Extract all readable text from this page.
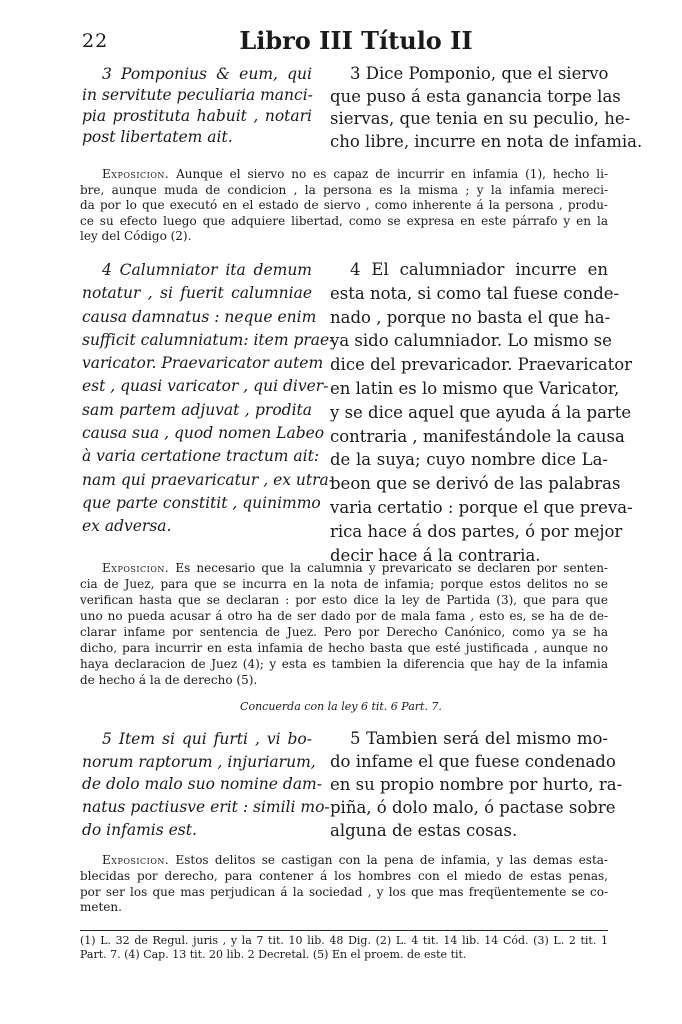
22	Libro III Título II
3 Pomponius & eum, qui
in servitute peculiaria manci-
pia prostituta habuit , notari
post libertatem ait.
3 Dice Pomponio, que el siervo
que puso á esta ganancia torpe las
siervas, que tenia en su peculio, he-
cho libre, incurre en nota de infamia.
Exposicion. Aunque el siervo no es capaz de incurrir en infamia (1), hecho li-
bre, aunque muda de condicion , la persona es la misma ; y la infamia mereci-
da por lo que executó en el estado de siervo , como inherente á la persona , produ-
ce su efecto luego que adquiere libertad, como se expresa en este párrafo y en la
ley del Código (2).
4 Calumniator ita demum
notatur , si fuerit calumniae
causa damnatus : neque enim
sufficit calumniatum: item prae-
varicator. Praevaricator autem
est , quasi varicator , qui diver-
sam partem adjuvat , prodita
causa sua , quod nomen Labeo
à varia certatione tractum ait:
nam qui praevaricatur , ex utra-
que parte constitit , quinimmo
ex adversa.
4 El calumniador incurre en
esta nota, si como tal fuese conde-
nado , porque no basta el que ha-
ya sido calumniador. Lo mismo se
dice del prevaricador. Praevaricator
en latin es lo mismo que Varicator,
y se dice aquel que ayuda á la parte
contraria , manifestándole la causa
de la suya; cuyo nombre dice La-
beon que se derivó de las palabras
varia certatio : porque el que preva-
rica hace á dos partes, ó por mejor
decir hace á la contraria.
Exposicion. Es necesario que la calumnia y prevaricato se declaren por senten-
cia de Juez, para que se incurra en la nota de infamia; porque estos delitos no se
verifican hasta que se declaran : por esto dice la ley de Partida (3), que para que
uno no pueda acusar á otro ha de ser dado por de mala fama , esto es, se ha de de-
clarar infame por sentencia de Juez. Pero por Derecho Canónico, como ya se ha
dicho, para incurrir en esta infamia de hecho basta que esté justificada , aunque no
haya declaracion de Juez (4); y esta es tambien la diferencia que hay de la infamia
de hecho á la de derecho (5).
Concuerda con la ley 6 tit. 6 Part. 7.
5 Item si qui furti , vi bo-
norum raptorum , injuriarum,
de dolo malo suo nomine dam-
natus pactiusve erit : simili mo-
do infamis est.
5 Tambien será del mismo mo-
do infame el que fuese condenado
en su propio nombre por hurto, ra-
piña, ó dolo malo, ó pactase sobre
alguna de estas cosas.
Exposicion. Estos delitos se castigan con la pena de infamia, y las demas esta-
blecidas por derecho, para contener á los hombres con el miedo de estas penas,
por ser los que mas perjudican á la sociedad , y los que mas freqüentemente se co-
meten.
(1) L. 32 de Regul. juris , y la 7 tit. 10 lib. 48 Dig. (2) L. 4 tit. 14 lib. 14 Cód. (3) L. 2 tit. 1
Part. 7. (4) Cap. 13 tit. 20 lib. 2 Decretal. (5) En el proem. de este tit.
